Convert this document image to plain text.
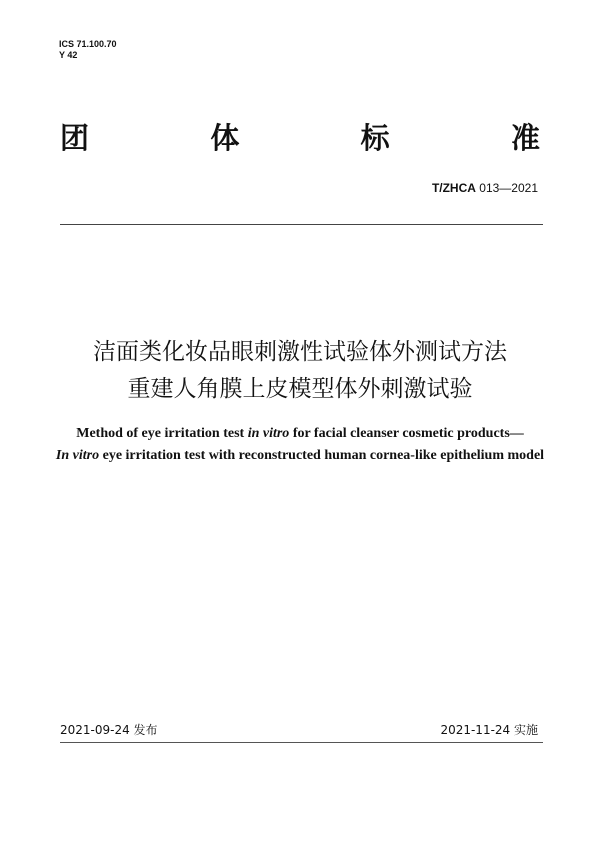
ICS 71.100.70
Y 42
团	体	标	准
T/ZHCA 013—2021
洁面类化妆品眼刺激性试验体外测试方法
重建人角膜上皮模型体外刺激试验
Method of eye irritation test in vitro for facial cleanser cosmetic products—
In vitro eye irritation test with reconstructed human cornea-like epithelium model
2021-09-24 发布	2021-11-24 实施
